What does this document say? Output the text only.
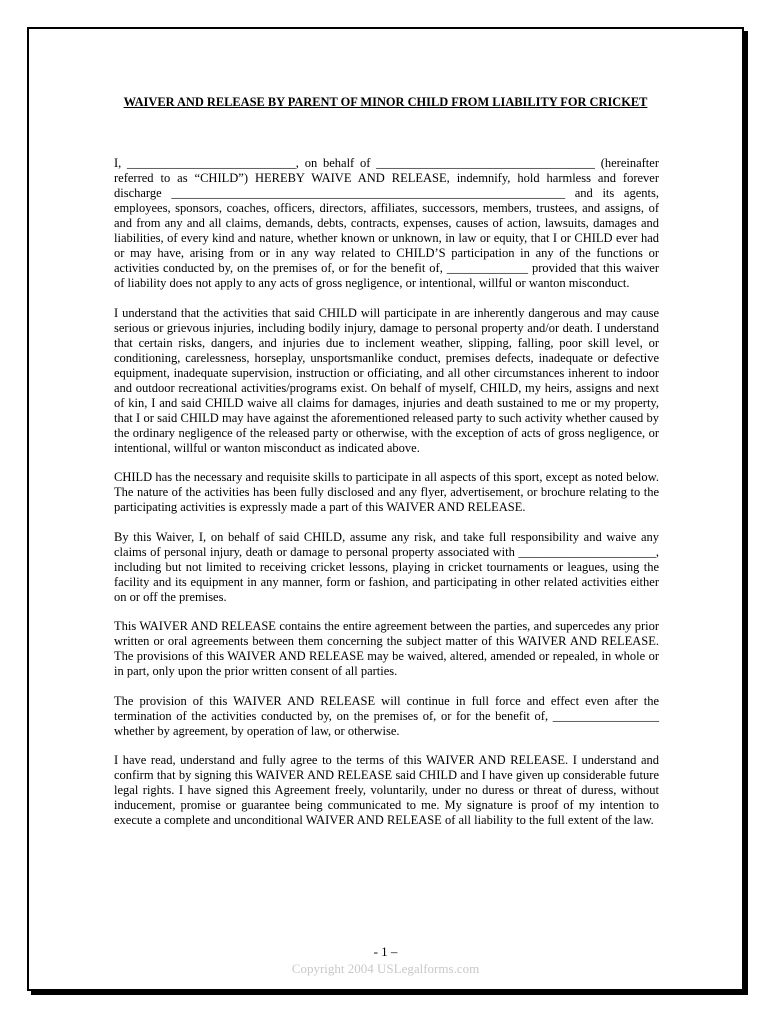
WAIVER AND RELEASE BY PARENT OF MINOR CHILD FROM LIABILITY FOR CRICKET

I, ___________________________, on behalf of ___________________________________ (hereinafter referred to as “CHILD”) HEREBY WAIVE AND RELEASE, indemnify, hold harmless and forever discharge _______________________________________________________________ and its agents, employees, sponsors, coaches, officers, directors, affiliates, successors, members, trustees, and assigns, of and from any and all claims, demands, debts, contracts, expenses, causes of action, lawsuits, damages and liabilities, of every kind and nature, whether known or unknown, in law or equity, that I or CHILD ever had or may have, arising from or in any way related to CHILD’S participation in any of the functions or activities conducted by, on the premises of, or for the benefit of, _____________ provided that this waiver of liability does not apply to any acts of gross negligence, or intentional, willful or wanton misconduct.

I understand that the activities that said CHILD will participate in are inherently dangerous and may cause serious or grievous injuries, including bodily injury, damage to personal property and/or death. I understand that certain risks, dangers, and injuries due to inclement weather, slipping, falling, poor skill level, or conditioning, carelessness, horseplay, unsportsmanlike conduct, premises defects, inadequate or defective equipment, inadequate supervision, instruction or officiating, and all other circumstances inherent to indoor and outdoor recreational activities/programs exist. On behalf of myself, CHILD, my heirs, assigns and next of kin, I and said CHILD waive all claims for damages, injuries and death sustained to me or my property, that I or said CHILD may have against the aforementioned released party to such activity whether caused by the ordinary negligence of the released party or otherwise, with the exception of acts of gross negligence, or intentional, willful or wanton misconduct as indicated above.

CHILD has the necessary and requisite skills to participate in all aspects of this sport, except as noted below. The nature of the activities has been fully disclosed and any flyer, advertisement, or brochure relating to the participating activities is expressly made a part of this WAIVER AND RELEASE.

By this Waiver, I, on behalf of said CHILD, assume any risk, and take full responsibility and waive any claims of personal injury, death or damage to personal property associated with ______________________, including but not limited to receiving cricket lessons, playing in cricket tournaments or leagues, using the facility and its equipment in any manner, form or fashion, and participating in other related activities either on or off the premises.

This WAIVER AND RELEASE contains the entire agreement between the parties, and supercedes any prior written or oral agreements between them concerning the subject matter of this WAIVER AND RELEASE. The provisions of this WAIVER AND RELEASE may be waived, altered, amended or repealed, in whole or in part, only upon the prior written consent of all parties.

The provision of this WAIVER AND RELEASE will continue in full force and effect even after the termination of the activities conducted by, on the premises of, or for the benefit of, _________________ whether by agreement, by operation of law, or otherwise.

I have read, understand and fully agree to the terms of this WAIVER AND RELEASE. I understand and confirm that by signing this WAIVER AND RELEASE said CHILD and I have given up considerable future legal rights. I have signed this Agreement freely, voluntarily, under no duress or threat of duress, without inducement, promise or guarantee being communicated to me. My signature is proof of my intention to execute a complete and unconditional WAIVER AND RELEASE of all liability to the full extent of the law.

- 1 –
Copyright 2004 USLegalforms.com
